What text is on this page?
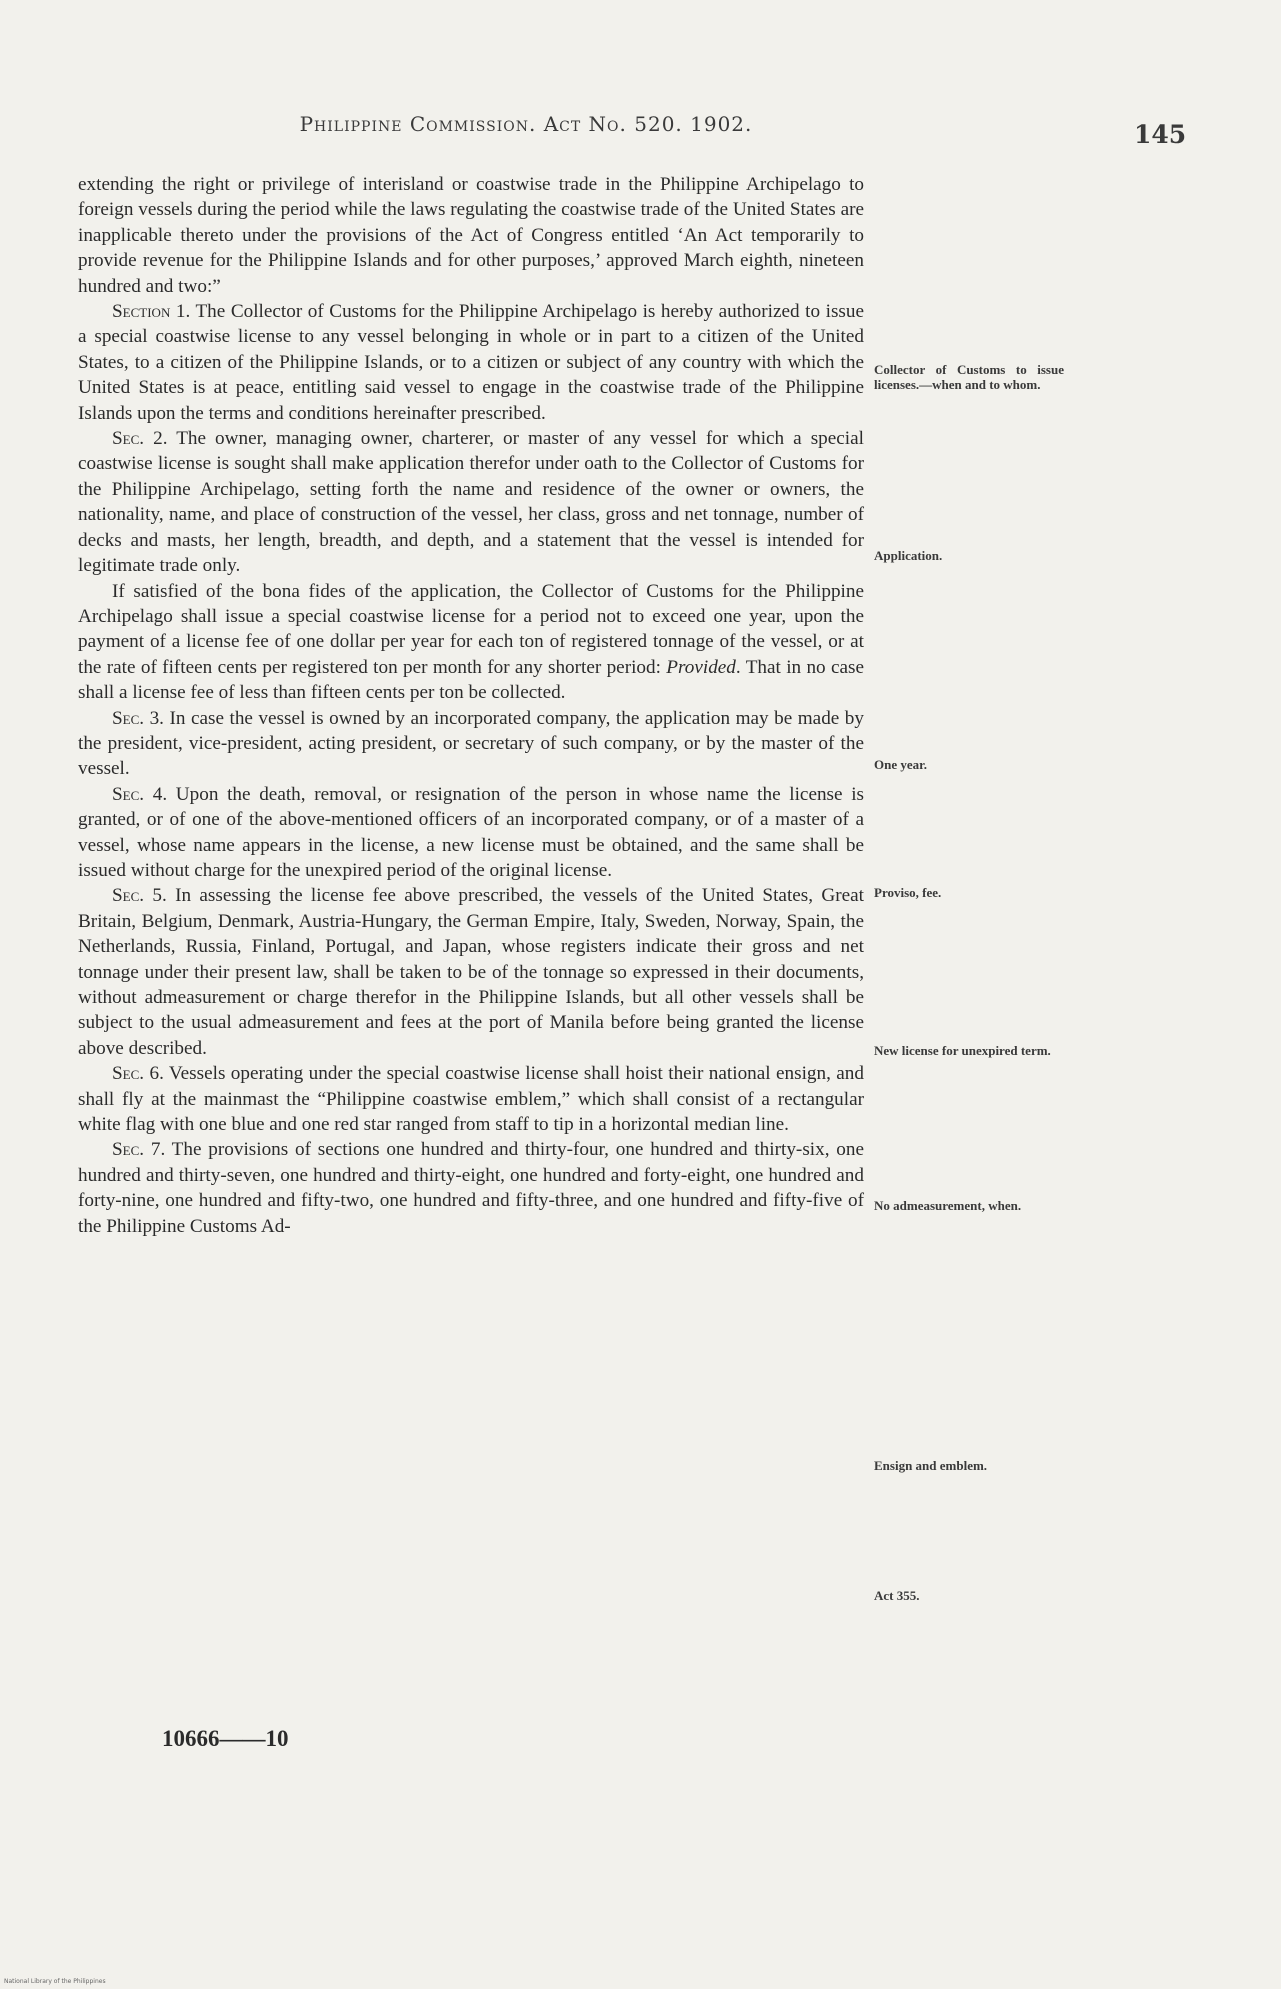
Philippine Commission. Act No. 520. 1902.	145

extending the right or privilege of interisland or coastwise trade in the Philippine Archipelago to foreign vessels during the period while the laws regulating the coastwise trade of the United States are inapplicable thereto under the provisions of the Act of Congress entitled ‘An Act temporarily to provide revenue for the Philippine Islands and for other purposes,’ approved March eighth, nineteen hundred and two:”

Section 1. The Collector of Customs for the Philippine Archipelago is hereby authorized to issue a special coastwise license to any vessel belonging in whole or in part to a citizen of the United States, to a citizen of the Philippine Islands, or to a citizen or subject of any country with which the United States is at peace, entitling said vessel to engage in the coastwise trade of the Philippine Islands upon the terms and conditions hereinafter prescribed.

Sec. 2. The owner, managing owner, charterer, or master of any vessel for which a special coastwise license is sought shall make application therefor under oath to the Collector of Customs for the Philippine Archipelago, setting forth the name and residence of the owner or owners, the nationality, name, and place of construction of the vessel, her class, gross and net tonnage, number of decks and masts, her length, breadth, and depth, and a statement that the vessel is intended for legitimate trade only.

If satisfied of the bona fides of the application, the Collector of Customs for the Philippine Archipelago shall issue a special coastwise license for a period not to exceed one year, upon the payment of a license fee of one dollar per year for each ton of registered tonnage of the vessel, or at the rate of fifteen cents per registered ton per month for any shorter period: Provided. That in no case shall a license fee of less than fifteen cents per ton be collected.

Sec. 3. In case the vessel is owned by an incorporated company, the application may be made by the president, vice-president, acting president, or secretary of such company, or by the master of the vessel.

Sec. 4. Upon the death, removal, or resignation of the person in whose name the license is granted, or of one of the above-mentioned officers of an incorporated company, or of a master of a vessel, whose name appears in the license, a new license must be obtained, and the same shall be issued without charge for the unexpired period of the original license.

Sec. 5. In assessing the license fee above prescribed, the vessels of the United States, Great Britain, Belgium, Denmark, Austria-Hungary, the German Empire, Italy, Sweden, Norway, Spain, the Netherlands, Russia, Finland, Portugal, and Japan, whose registers indicate their gross and net tonnage under their present law, shall be taken to be of the tonnage so expressed in their documents, without admeasurement or charge therefor in the Philippine Islands, but all other vessels shall be subject to the usual admeasurement and fees at the port of Manila before being granted the license above described.

Sec. 6. Vessels operating under the special coastwise license shall hoist their national ensign, and shall fly at the mainmast the “Philippine coastwise emblem,” which shall consist of a rectangular white flag with one blue and one red star ranged from staff to tip in a horizontal median line.

Sec. 7. The provisions of sections one hundred and thirty-four, one hundred and thirty-six, one hundred and thirty-seven, one hundred and thirty-eight, one hundred and forty-eight, one hundred and forty-nine, one hundred and fifty-two, one hundred and fifty-three, and one hundred and fifty-five of the Philippine Customs Ad-

Collector of Customs to issue licenses.—when and to whom.
Application.
One year.
Proviso, fee.
New license for unexpired term.
No admeasurement, when.
Ensign and emblem.
Act 355.
10666——10
National Library of the Philippines
